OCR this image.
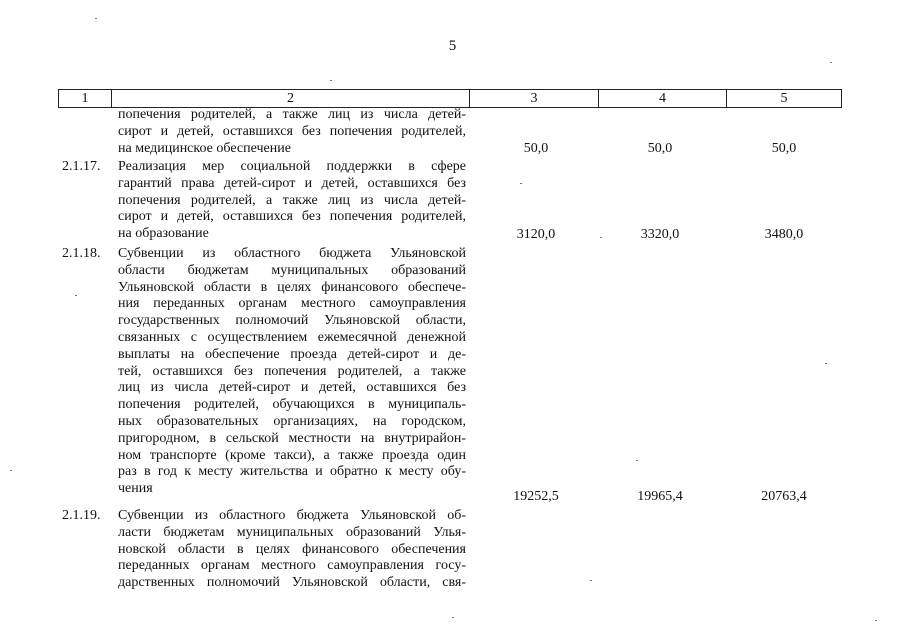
5
1	2	3	4	5
попечения родителей, а также лиц из числа детей-
сирот и детей, оставшихся без попечения родителей,
на медицинское обеспечение	50,0	50,0	50,0
2.1.17. Реализация мер социальной поддержки в сфере
гарантий права детей-сирот и детей, оставшихся без
попечения родителей, а также лиц из числа детей-
сирот и детей, оставшихся без попечения родителей,
на образование	3120,0	3320,0	3480,0
2.1.18. Субвенции из областного бюджета Ульяновской
области бюджетам муниципальных образований
Ульяновской области в целях финансового обеспече-
ния переданных органам местного самоуправления
государственных полномочий Ульяновской области,
связанных с осуществлением ежемесячной денежной
выплаты на обеспечение проезда детей-сирот и де-
тей, оставшихся без попечения родителей, а также
лиц из числа детей-сирот и детей, оставшихся без
попечения родителей, обучающихся в муниципаль-
ных образовательных организациях, на городском,
пригородном, в сельской местности на внутрирайон-
ном транспорте (кроме такси), а также проезда один
раз в год к месту жительства и обратно к месту обу-
чения
19252,5	19965,4	20763,4
2.1.19. Субвенции из областного бюджета Ульяновской об-
ласти бюджетам муниципальных образований Улья-
новской области в целях финансового обеспечения
переданных органам местного самоуправления госу-
дарственных полномочий Ульяновской области, свя-
